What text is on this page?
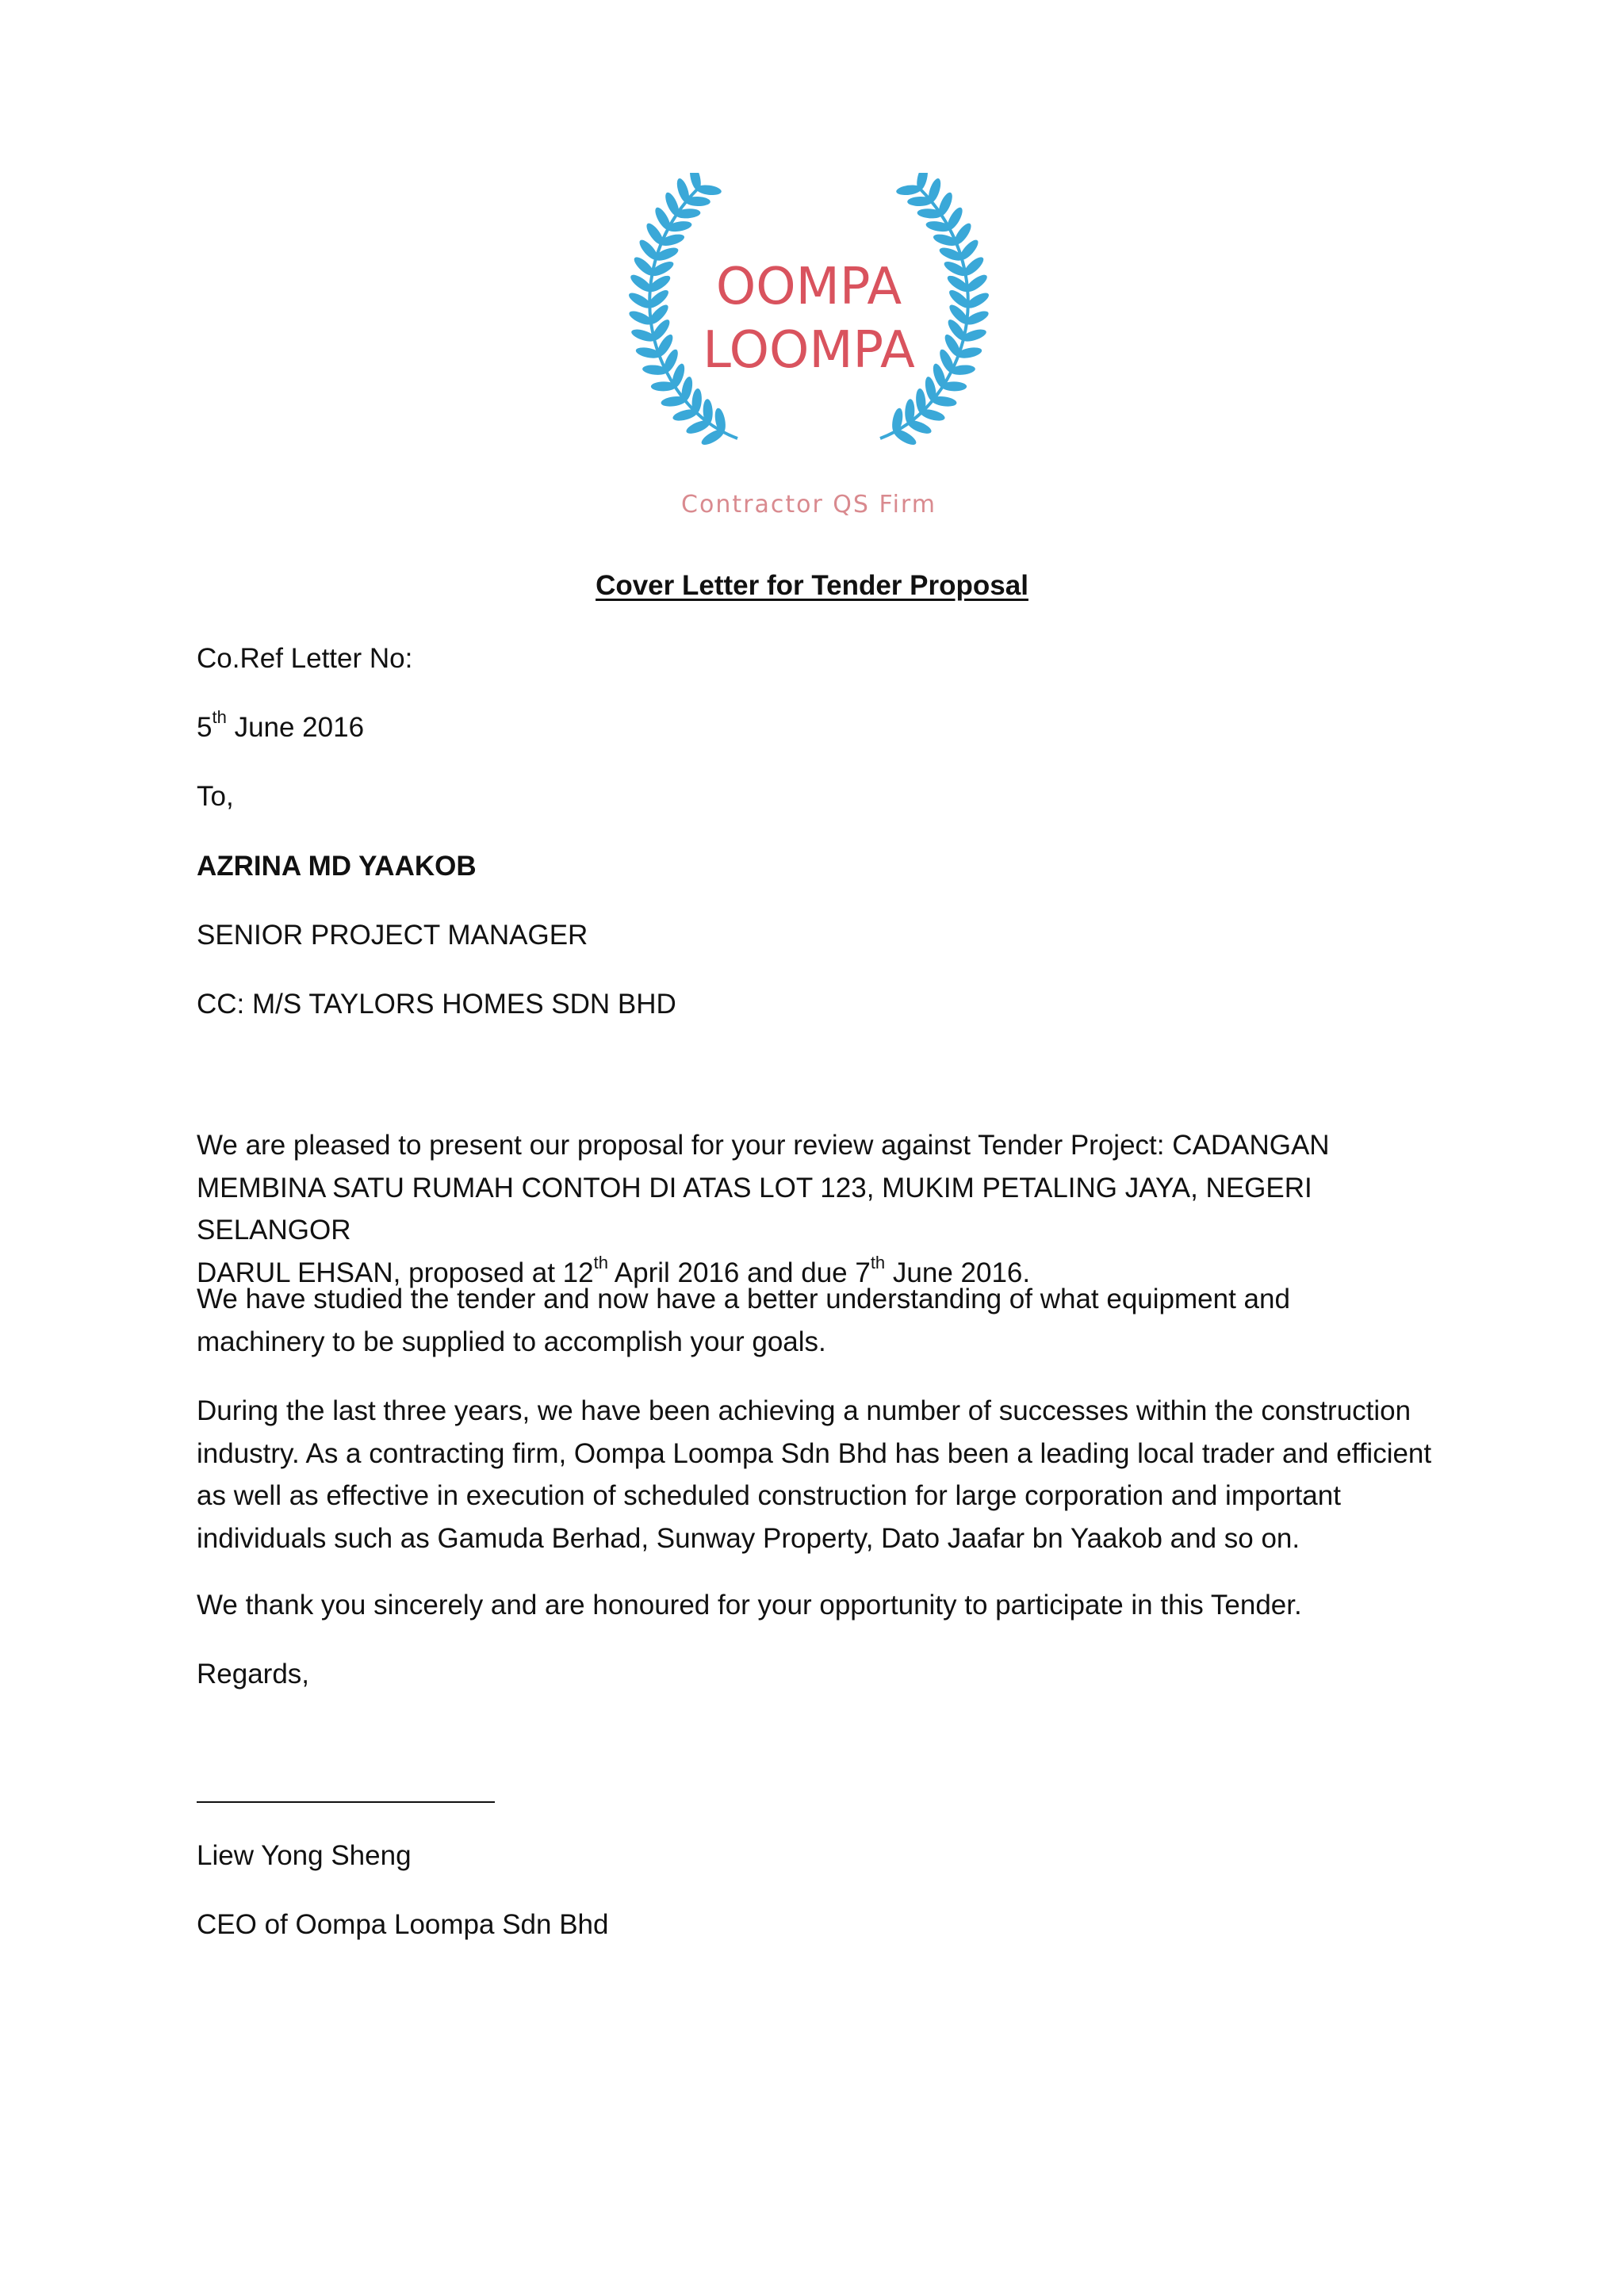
OOMPA
LOOMPA
Contractor QS Firm
Cover Letter for Tender Proposal
Co.Ref Letter No:
5th June 2016
To,
AZRINA MD YAAKOB
SENIOR PROJECT MANAGER
CC: M/S TAYLORS HOMES SDN BHD

We are pleased to present our proposal for your review against Tender Project: CADANGAN

MEMBINA SATU RUMAH CONTOH DI ATAS LOT 123, MUKIM PETALING JAYA, NEGERI SELANGOR

DARUL EHSAN, proposed at 12th April 2016 and due 7th June 2016.

We have studied the tender and now have a better understanding of what equipment and

machinery to be supplied to accomplish your goals.

During the last three years, we have been achieving a number of successes within the construction

industry. As a contracting firm, Oompa Loompa Sdn Bhd has been a leading local trader and efficient

as well as effective in execution of scheduled construction for large corporation and important

individuals such as Gamuda Berhad, Sunway Property, Dato Jaafar bn Yaakob and so on.

We thank you sincerely and are honoured for your opportunity to participate in this Tender.
Regards,
Liew Yong Sheng
CEO of Oompa Loompa Sdn Bhd
